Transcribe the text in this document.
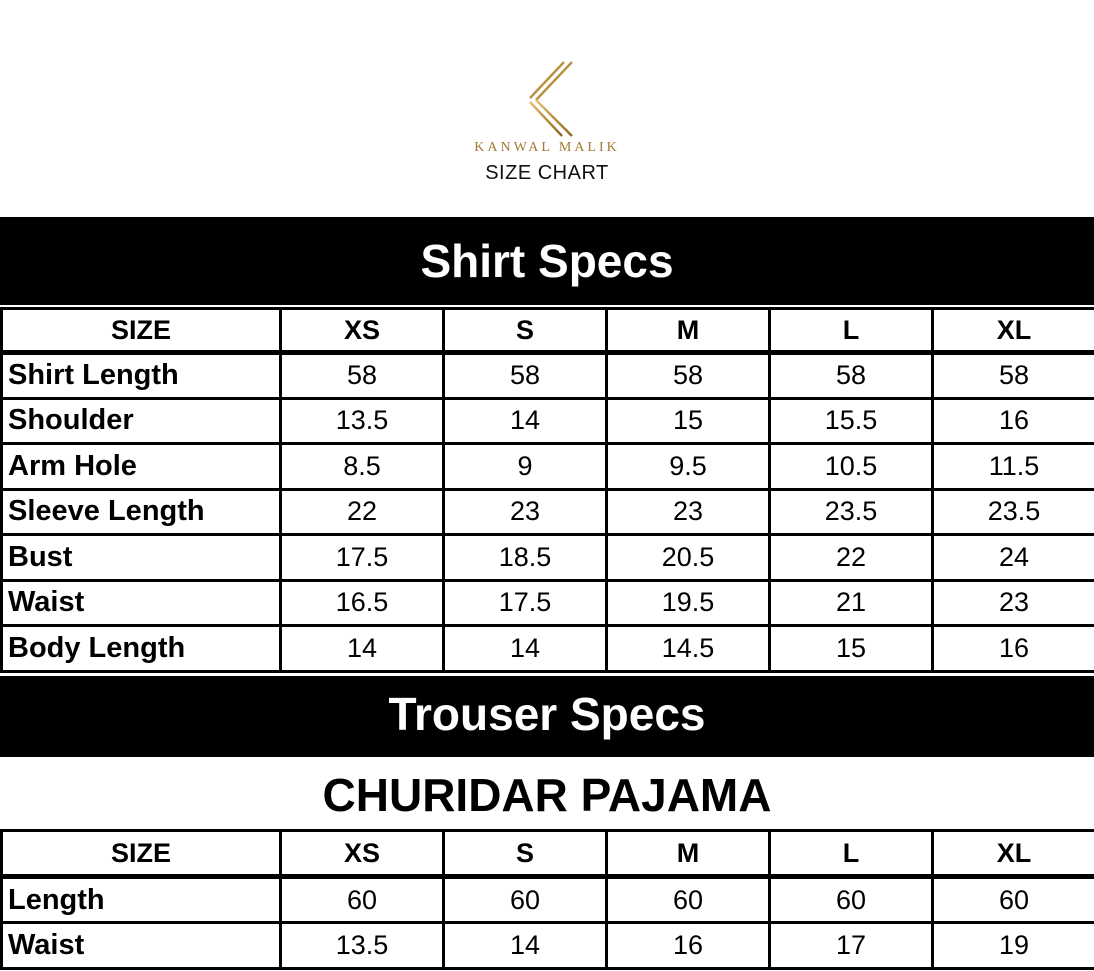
KANWAL MALIK
SIZE CHART
Shirt Specs
SIZE	XS	S	M	L	XL
Shirt Length	58	58	58	58	58
Shoulder	13.5	14	15	15.5	16
Arm Hole	8.5	9	9.5	10.5	11.5
Sleeve Length	22	23	23	23.5	23.5
Bust	17.5	18.5	20.5	22	24
Waist	16.5	17.5	19.5	21	23
Body Length	14	14	14.5	15	16
Trouser Specs
CHURIDAR PAJAMA
SIZE	XS	S	M	L	XL
Length	60	60	60	60	60
Waist	13.5	14	16	17	19
